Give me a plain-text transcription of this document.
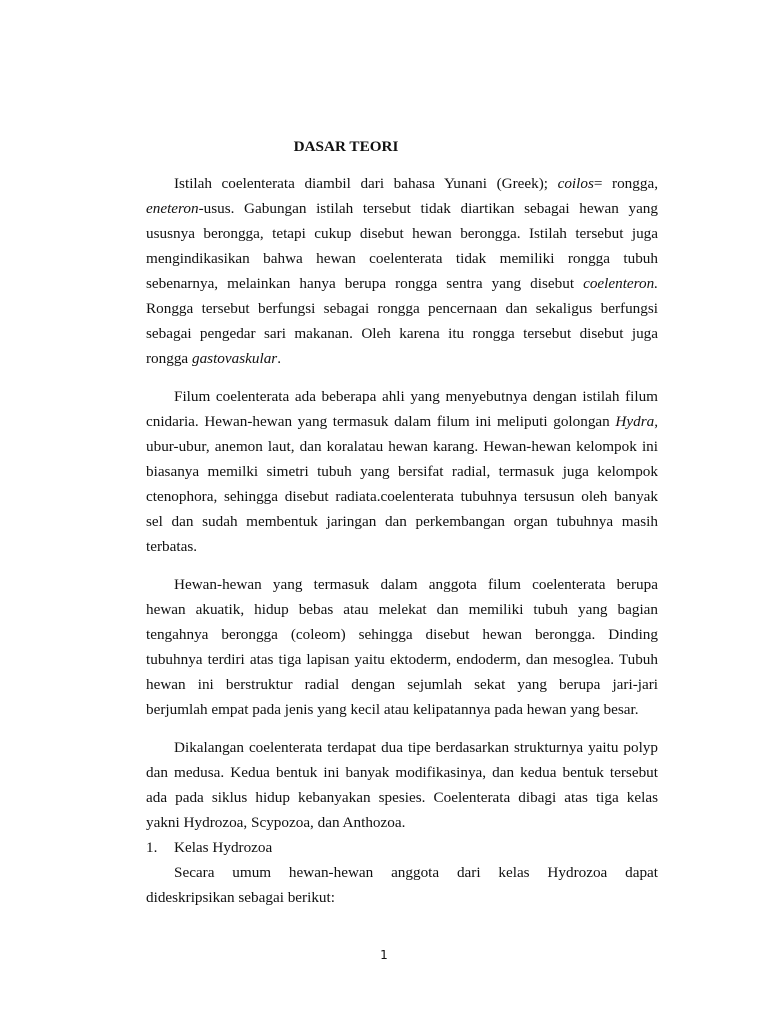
DASAR TEORI
Istilah coelenterata diambil dari bahasa Yunani (Greek); coilos= rongga,
eneteron-usus. Gabungan istilah tersebut tidak diartikan sebagai hewan yang
ususnya berongga, tetapi cukup disebut hewan berongga. Istilah tersebut juga
mengindikasikan bahwa hewan coelenterata tidak memiliki rongga tubuh
sebenarnya, melainkan hanya berupa rongga sentra yang disebut coelenteron.
Rongga tersebut berfungsi sebagai rongga pencernaan dan sekaligus berfungsi
sebagai pengedar sari makanan. Oleh karena itu rongga tersebut disebut juga
rongga gastovaskular.
Filum coelenterata ada beberapa ahli yang menyebutnya dengan istilah filum
cnidaria. Hewan-hewan yang termasuk dalam filum ini meliputi golongan Hydra,
ubur-ubur, anemon laut, dan koralatau hewan karang. Hewan-hewan kelompok ini
biasanya memilki simetri tubuh yang bersifat radial, termasuk juga kelompok
ctenophora, sehingga disebut radiata.coelenterata tubuhnya tersusun oleh banyak
sel dan sudah membentuk jaringan dan perkembangan organ tubuhnya masih
terbatas.
Hewan-hewan yang termasuk dalam anggota filum coelenterata berupa
hewan akuatik, hidup bebas atau melekat dan memiliki tubuh yang bagian
tengahnya berongga (coleom) sehingga disebut hewan berongga. Dinding
tubuhnya terdiri atas tiga lapisan yaitu ektoderm, endoderm, dan mesoglea. Tubuh
hewan ini berstruktur radial dengan sejumlah sekat yang berupa jari-jari
berjumlah empat pada jenis yang kecil atau kelipatannya pada hewan yang besar.
Dikalangan coelenterata terdapat dua tipe berdasarkan strukturnya yaitu polyp
dan medusa. Kedua bentuk ini banyak modifikasinya, dan kedua bentuk tersebut
ada pada siklus hidup kebanyakan spesies. Coelenterata dibagi atas tiga kelas
yakni Hydrozoa, Scypozoa, dan Anthozoa.
1. Kelas Hydrozoa
Secara umum hewan-hewan anggota dari kelas Hydrozoa dapat
dideskripsikan sebagai berikut:
1
